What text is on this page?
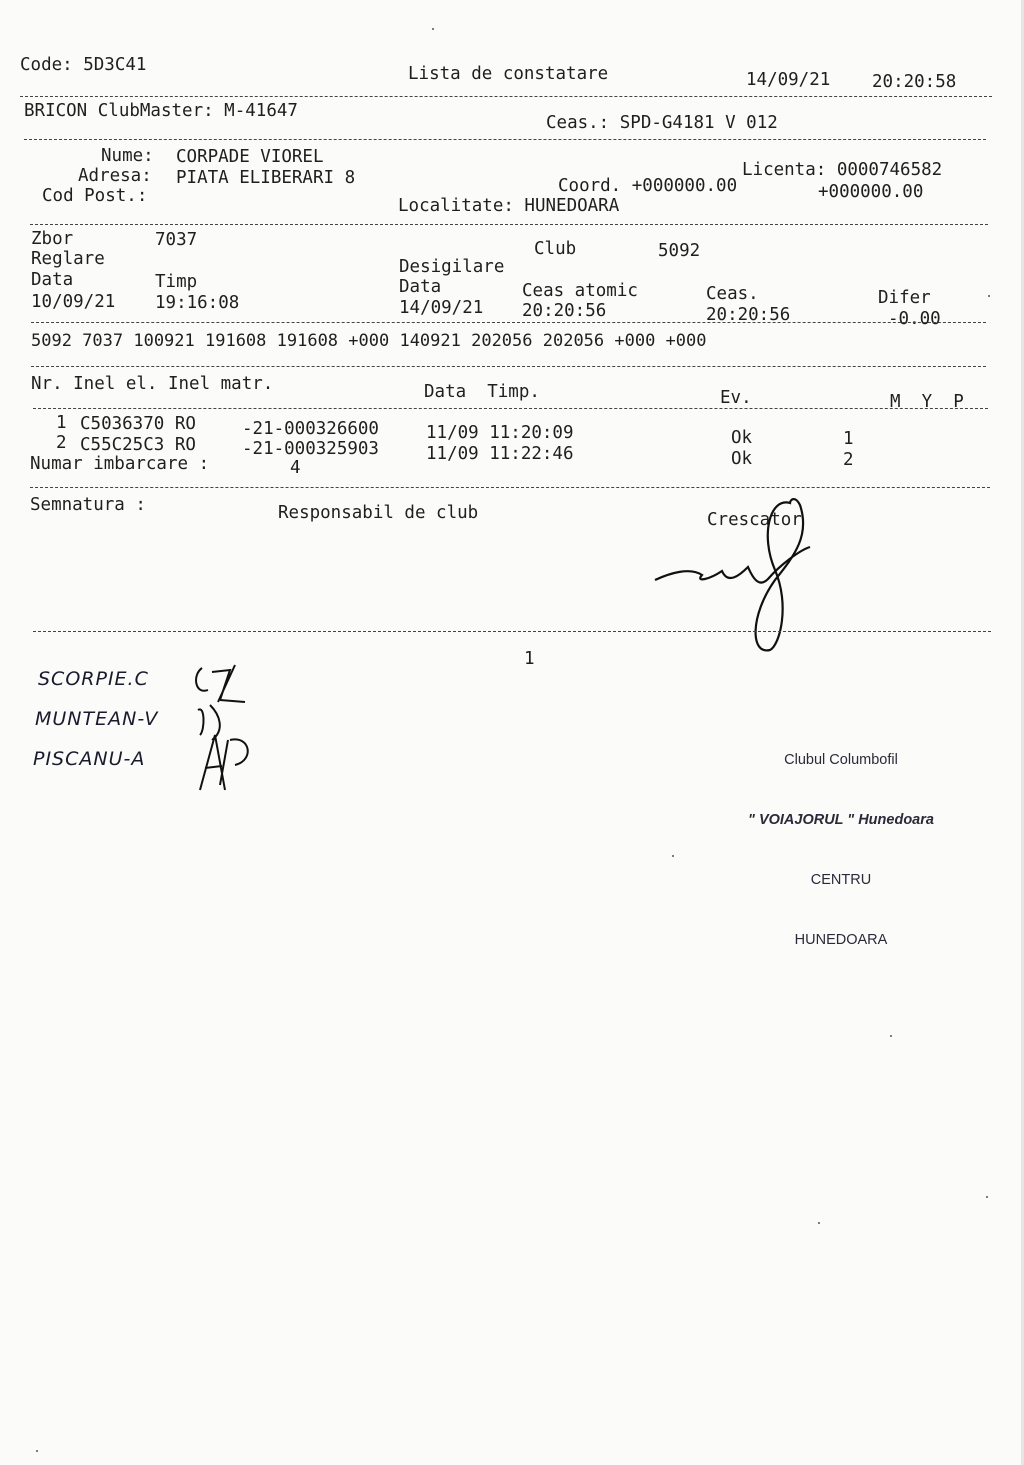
Code: 5D3C41	Lista de constatare	14/09/21 20:20:58
BRICON ClubMaster: M-41647
Ceas.: SPD-G4181 V 012
Nume: CORPADE VIOREL
Adresa: PIATA ELIBERARI 8
Cod Post.:
Licenta: 0000746582
Coord. +000000.00	+000000.00
Localitate: HUNEDOARA
Zbor	7037	Club	5092
Reglare	Desigilare
Data	Timp	Data	Ceas atomic	Ceas.	Difer
10/09/21 19:16:08	14/09/21 20:20:56	20:20:56	-0.00
5092 7037 100921 191608 191608 +000 140921 202056 202056 +000 +000
Nr. Inel el. Inel matr.	Data  Timp.	Ev.	M  Y  P
1 C5036370 RO	-21-000326600	11/09 11:20:09	Ok	1
2 C55C25C3 RO	-21-000325903	11/09 11:22:46	Ok	2
Numar imbarcare :	4
Semnatura :	Responsabil de club	Crescator
1
SCORPIE.C
MUNTEAN-V
PISCANU-A

	Clubul Columbofil

" VOIAJORUL " Hunedoara

CENTRU

HUNEDOARA
